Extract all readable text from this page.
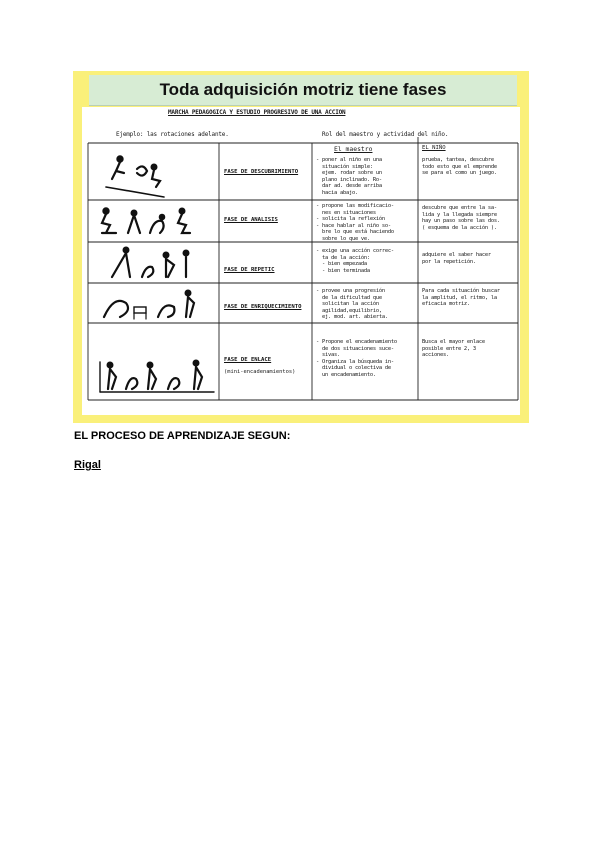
Toda adquisición motriz tiene fases
MARCHA PEDAGOGICA Y ESTUDIO PROGRESIVO DE UNA ACCION
Ejemplo: las rotaciones adelante.	Rol del maestro y actividad del niño.
El maestro	EL NIÑO
FASE DE DESCUBRIMIENTO
- poner al niño en una
situación simple:
ejem. rodar sobre un
plano inclinado. Ro-
dar ad. desde arriba
hacia abajo.
prueba, tantea, descubre
todo esto que el emprende
se para el como un juego.
FASE DE ANALISIS
- propone las modificacio-
nes en situaciones
- solicita la reflexión
- hace hablar al niño so-
bre lo que está haciendo
sobre lo que ve.
descubre que entre la sa-
lida y la llegada siempre
hay un paso sobre las dos.
( esquema de la acción ).
FASE DE REPETIC
- exige una acción correc-
ta de la acción:
- bien empezada
- bien terminada
adquiere el saber hacer
por la repetición.
FASE DE ENRIQUECIMIENTO
- provee una progresión
de la dificultad que
solicitan la acción
agilidad,equilibrio,
ej. mod. art. abierta.
Para cada situación buscar
la amplitud, el ritmo, la
eficacia motriz.
FASE DE ENLACE
(mini-encadenamientos)
- Propone el encadenamiento
de dos situaciones suce-
sivas.
- Organiza la búsqueda in-
dividual o colectiva de
un encadenamiento.
Busca el mayor enlace
posible entre 2, 3
acciones.
EL PROCESO DE APRENDIZAJE SEGUN:
Rigal
